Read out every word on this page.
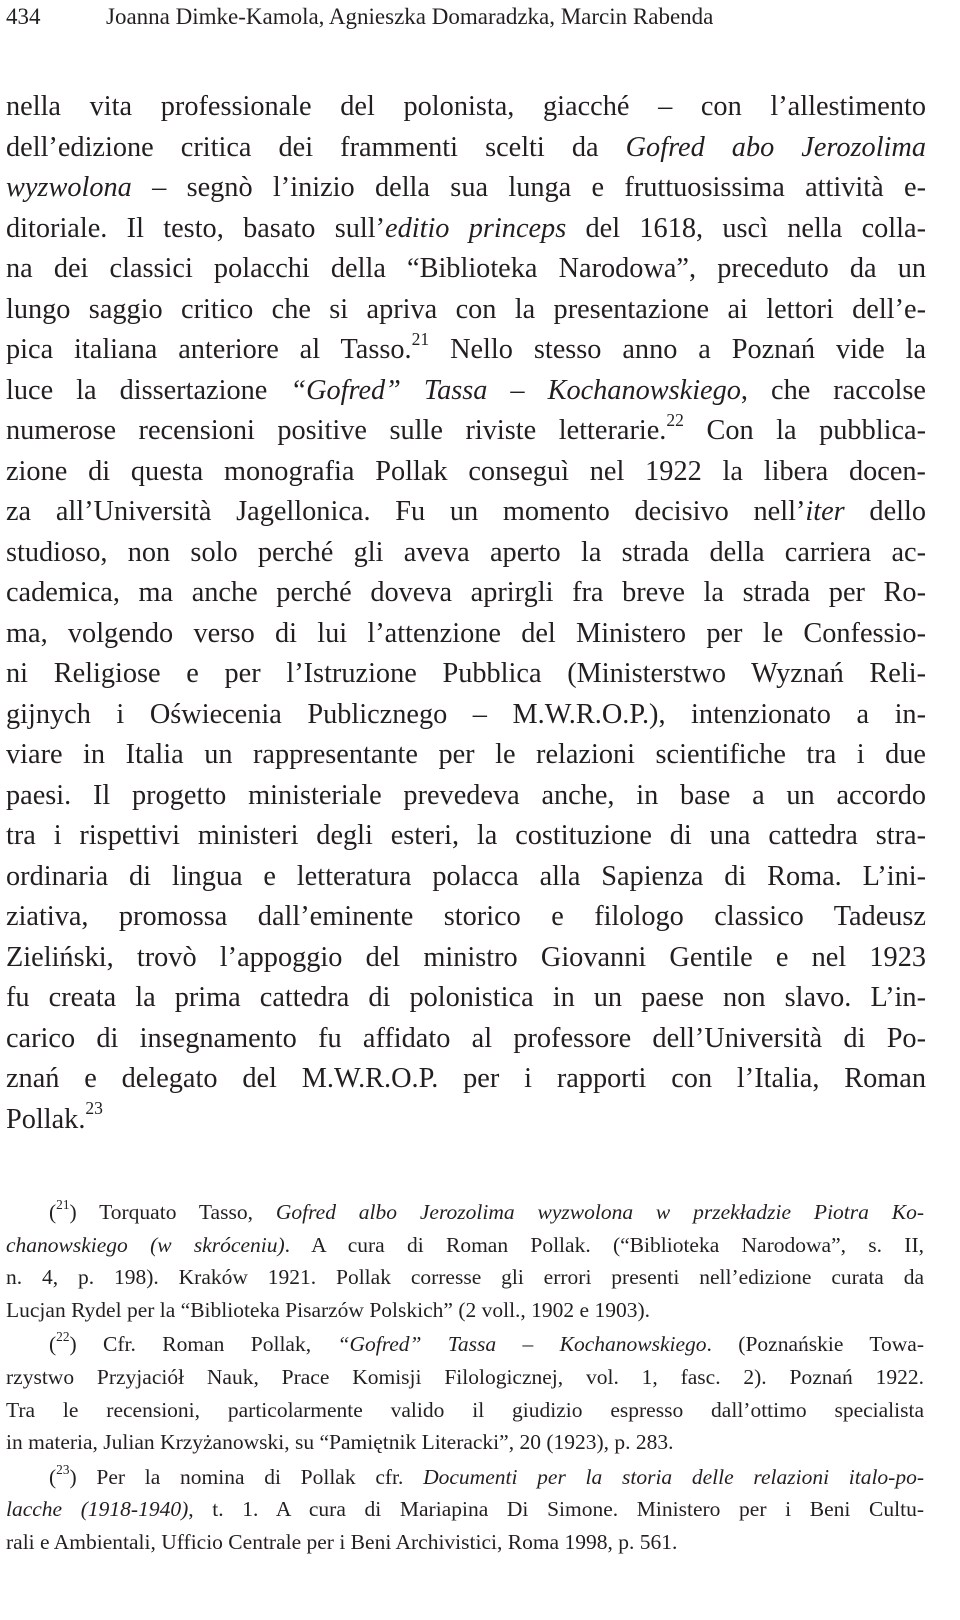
434	Joanna Dimke-Kamola, Agnieszka Domaradzka, Marcin Rabenda
nella vita professionale del polonista, giacché – con l’allestimento
dell’edizione critica dei frammenti scelti da Gofred abo Jerozolima
wyzwolona – segnò l’inizio della sua lunga e fruttuosissima attività e-
ditoriale. Il testo, basato sull’editio princeps del 1618, uscì nella colla-
na dei classici polacchi della “Biblioteka Narodowa”, preceduto da un
lungo saggio critico che si apriva con la presentazione ai lettori dell’e-
pica italiana anteriore al Tasso.$^{21}$ Nello stesso anno a Poznań vide la
luce la dissertazione “Gofred” Tassa – Kochanowskiego, che raccolse
numerose recensioni positive sulle riviste letterarie.$^{22}$ Con la pubblica-
zione di questa monografia Pollak conseguì nel 1922 la libera docen-
za all’Università Jagellonica. Fu un momento decisivo nell’iter dello
studioso, non solo perché gli aveva aperto la strada della carriera ac-
cademica, ma anche perché doveva aprirgli fra breve la strada per Ro-
ma, volgendo verso di lui l’attenzione del Ministero per le Confessio-
ni Religiose e per l’Istruzione Pubblica (Ministerstwo Wyznań Reli-
gijnych i Oświecenia Publicznego – M.W.R.O.P.), intenzionato a in-
viare in Italia un rappresentante per le relazioni scientifiche tra i due
paesi. Il progetto ministeriale prevedeva anche, in base a un accordo
tra i rispettivi ministeri degli esteri, la costituzione di una cattedra stra-
ordinaria di lingua e letteratura polacca alla Sapienza di Roma. L’ini-
ziativa, promossa dall’eminente storico e filologo classico Tadeusz
Zieliński, trovò l’appoggio del ministro Giovanni Gentile e nel 1923
fu creata la prima cattedra di polonistica in un paese non slavo. L’in-
carico di insegnamento fu affidato al professore dell’Università di Po-
znań e delegato del M.W.R.O.P. per i rapporti con l’Italia, Roman
Pollak.$^{23}$
($^{21}$) Torquato Tasso, Gofred albo Jerozolima wyzwolona w przekładzie Piotra Ko-
chanowskiego (w skróceniu). A cura di Roman Pollak. (“Biblioteka Narodowa”, s. II,
n. 4, p. 198). Kraków 1921. Pollak corresse gli errori presenti nell’edizione curata da
Lucjan Rydel per la “Biblioteka Pisarzów Polskich” (2 voll., 1902 e 1903).
($^{22}$) Cfr. Roman Pollak, “Gofred” Tassa – Kochanowskiego. (Poznańskie Towa-
rzystwo Przyjaciół Nauk, Prace Komisji Filologicznej, vol. 1, fasc. 2). Poznań 1922.
Tra le recensioni, particolarmente valido il giudizio espresso dall’ottimo specialista
in materia, Julian Krzyżanowski, su “Pamiętnik Literacki”, 20 (1923), p. 283.
($^{23}$) Per la nomina di Pollak cfr. Documenti per la storia delle relazioni italo-po-
lacche (1918-1940), t. 1. A cura di Mariapina Di Simone. Ministero per i Beni Cultu-
rali e Ambientali, Ufficio Centrale per i Beni Archivistici, Roma 1998, p. 561.
